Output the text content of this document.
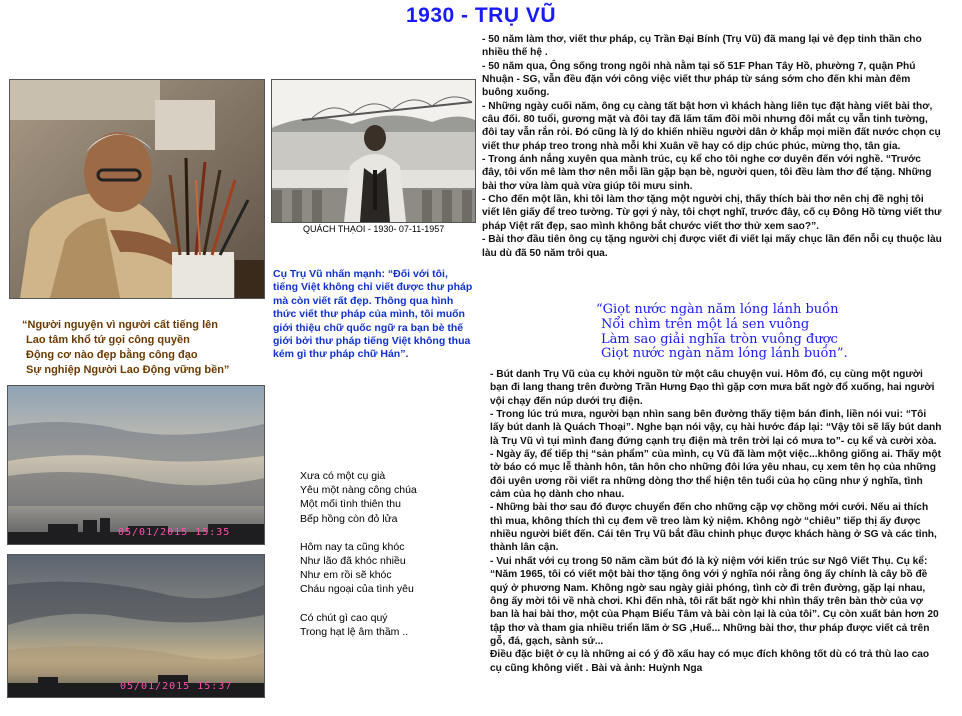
1930 - TRỤ VŨ
QUÁCH THẠOI - 1930- 07-11-1957
Cụ Trụ Vũ nhấn mạnh: “Đối với tôi, tiếng Việt không chỉ viết được thư pháp mà còn viết rất đẹp. Thông qua hình thức viết thư pháp của mình, tôi muốn giới thiệu chữ quốc ngữ ra bạn bè thế giới bởi thư pháp tiếng Việt không thua kém gì thư pháp chữ Hán”.

“Người nguyện vì người cất tiếng lên

Lao tâm khổ tứ gọi công quyền

Động cơ nào đẹp bằng công đạo

Sự nghiệp Người Lao Động vững bền”

05/01/2015 15:35
05/01/2015 15:37
Xưa có một cụ già
Yêu một nàng công chúa
Một mối tình thiên thu
Bếp hồng còn đỏ lửa
Hôm nay ta cũng khóc
Như lão đã khóc nhiều
Như em rồi sẽ khóc
Cháu ngoại của tình yêu
Có chút gì cao quý
Trong hạt lệ âm thầm ..

- 50 năm làm thơ, viết thư pháp, cụ Trần Đại Bính (Trụ Vũ) đã mang lại vẻ đẹp tinh thần cho nhiều thế hệ .

- 50 năm qua, Ông sống trong ngôi nhà nằm tại số 51F Phan Tây Hồ, phường 7, quận Phú Nhuận - SG, vẫn đều đặn với công việc viết thư pháp từ sáng sớm cho đến khi màn đêm buông xuống.

- Những ngày cuối năm, ông cụ càng tất bật hơn vì khách hàng liên tục đặt hàng viết bài thơ, câu đối. 80 tuổi, gương mặt và đôi tay đã lấm tấm đồi mồi nhưng đôi mắt cụ vẫn tinh tường, đôi tay vẫn rắn rỏi. Đó cũng là lý do khiến nhiều người dân ở khắp mọi miền đất nước chọn cụ viết thư pháp treo trong nhà mỗi khi Xuân về hay có dịp chúc phúc, mừng thọ, tân gia.

- Trong ánh nắng xuyên qua mành trúc, cụ kể cho tôi nghe cơ duyên đến với nghề. “Trước đây, tôi vốn mê làm thơ nên mỗi lần gặp bạn bè, người quen, tôi đều làm thơ để tặng. Những bài thơ vừa làm quà vừa giúp tôi mưu sinh.

- Cho đến một lần, khi tôi làm thơ tặng một người chị, thấy thích bài thơ nên chị đề nghị tôi viết lên giấy để treo tường. Từ gợi ý này, tôi chợt nghĩ, trước đây, cố cụ Đông Hồ từng viết thư pháp Việt rất đẹp, sao mình không bắt chước viết thơ thử xem sao?”.

- Bài thơ đầu tiên ông cụ tặng người chị được viết đi viết lại mấy chục lần đến nỗi cụ thuộc làu làu dù đã 50 năm trôi qua.

“Giọt nước ngàn năm lóng lánh buồn

Nổi chìm trên một lá sen vuông

Làm sao giải nghĩa tròn vuông được

Giọt nước ngàn năm lóng lánh buồn”.

- Bút danh Trụ Vũ của cụ khởi nguồn từ một câu chuyện vui. Hôm đó, cụ cùng một người bạn đi lang thang trên đường Trần Hưng Đạo thì gặp cơn mưa bất ngờ đổ xuống, hai người vội chạy đến núp dưới trụ điện.

- Trong lúc trú mưa, người bạn nhìn sang bên đường thấy tiệm bán đinh, liền nói vui: “Tôi lấy bút danh là Quách Thoại”. Nghe bạn nói vậy, cụ hài hước đáp lại: “Vậy tôi sẽ lấy bút danh là Trụ Vũ vì tụi mình đang đứng cạnh trụ điện mà trên trời lại có mưa to”- cụ kể và cười xòa.

- Ngày ấy, để tiếp thị “sản phẩm” của mình, cụ Vũ đã làm một việc...không giống ai. Thấy một tờ báo có mục lễ thành hôn, tân hôn cho những đôi lứa yêu nhau, cụ xem tên họ của những đôi uyên ương rồi viết ra những dòng thơ thể hiện tên tuổi của họ cũng như ý nghĩa, tình cảm của họ dành cho nhau.

- Những bài thơ sau đó được chuyển đến cho những cặp vợ chồng mới cưới. Nếu ai thích thì mua, không thích thì cụ đem về treo làm kỷ niệm. Không ngờ “chiêu” tiếp thị ấy được nhiều người biết đến. Cái tên Trụ Vũ bắt đầu chinh phục được khách hàng ở SG và các tỉnh, thành lân cận.

- Vui nhất với cụ trong 50 năm cầm bút đó là kỷ niệm với kiến trúc sư Ngô Viết Thụ. Cụ kể: “Năm 1965, tôi có viết một bài thơ tặng ông với ý nghĩa nói rằng ông ấy chính là cây bồ đề quý ở phương Nam. Không ngờ sau ngày giải phóng, tình cờ đi trên đường, gặp lại nhau, ông ấy mời tôi về nhà chơi. Khi đến nhà, tôi rất bất ngờ khi nhìn thấy trên bàn thờ của vợ ban là hai bài thơ, một của Phạm Biểu Tâm và bài còn lại là của tôi”. Cụ còn xuất bản hơn 20 tập thơ và tham gia nhiều triển lãm ở SG ,Huế... Những bài thơ, thư pháp được viết cả trên gỗ, đá, gạch, sành sứ...

Điều đặc biệt ở cụ là những ai có ý đồ xấu hay có mục đích không tốt dù có trả thù lao cao cụ cũng không viết . Bài và ảnh: Huỳnh Nga
